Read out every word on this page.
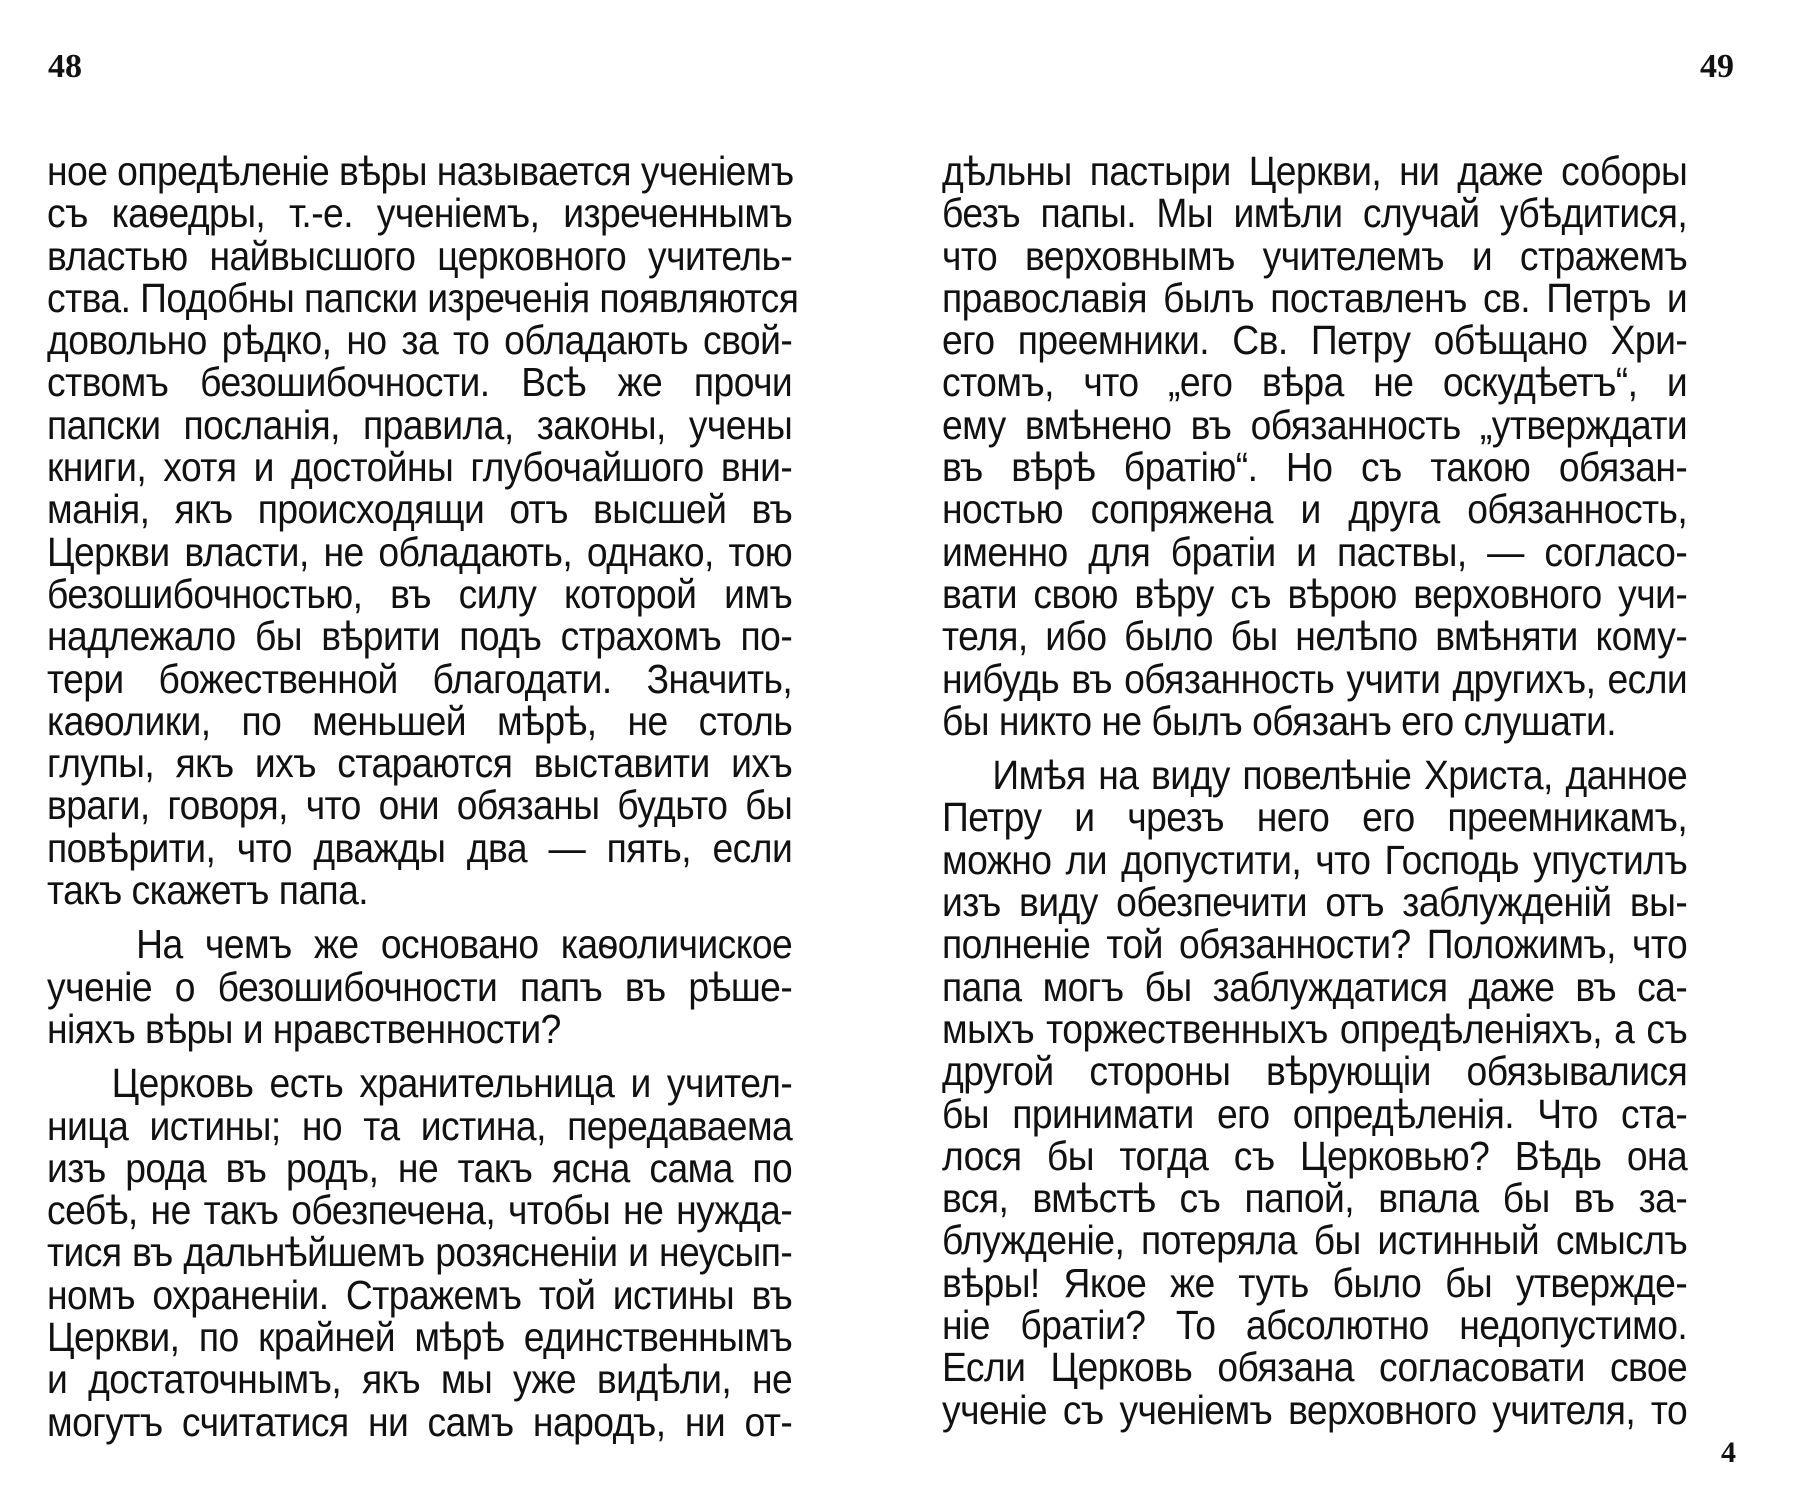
48	49
ное опредѣленіе вѣры называется ученіемъ
съ каѳедры, т.-е. ученіемъ, изреченнымъ
властью найвысшого церковного учитель-
ства. Подобны папски изреченія появляются
довольно рѣдко, но за то обладають свой-
ствомъ безошибочности. Всѣ же прочи
папски посланія, правила, законы, учены
книги, хотя и достойны глубочайшого вни-
манія, якъ происходящи отъ высшей въ
Церкви власти, не обладають, однако, тою
безошибочностью, въ силу которой имъ
надлежало бы вѣрити подъ страхомъ по-
тери божественной благодати. Значить,
каѳолики, по меньшей мѣрѣ, не столь
глупы, якъ ихъ стараются выставити ихъ
враги, говоря, что они обязаны будьто бы
повѣрити, что дважды два — пять, если
такъ скажетъ папа.
На чемъ же основано каѳоличиское
ученіе о безошибочности папъ въ рѣше-
ніяхъ вѣры и нравственности?
Церковь есть хранительница и учител-
ница истины; но та истина, передаваема
изъ рода въ родъ, не такъ ясна сама по
себѣ, не такъ обезпечена, чтобы не нужда-
тися въ дальнѣйшемъ розясненіи и неусып-
номъ охраненіи. Стражемъ той истины въ
Церкви, по крайней мѣрѣ единственнымъ
и достаточнымъ, якъ мы уже видѣли, не
могутъ считатися ни самъ народъ, ни от-
дѣльны пастыри Церкви, ни даже соборы
безъ папы. Мы имѣли случай убѣдитися,
что верховнымъ учителемъ и стражемъ
православія былъ поставленъ св. Петръ и
его преемники. Св. Петру обѣщано Хри-
стомъ, что „его вѣра не оскудѣетъ“, и
ему вмѣнено въ обязанность „утверждати
въ вѣрѣ братію“. Но съ такою обязан-
ностью сопряжена и друга обязанность,
именно для братіи и паствы, — согласо-
вати свою вѣру съ вѣрою верховного учи-
теля, ибо было бы нелѣпо вмѣняти кому-
нибудь въ обязанность учити другихъ, если
бы никто не былъ обязанъ его слушати.
Имѣя на виду повелѣніе Христа, данное
Петру и чрезъ него его преемникамъ,
можно ли допустити, что Господь упустилъ
изъ виду обезпечити отъ заблужденій вы-
полненіе той обязанности? Положимъ, что
папа могъ бы заблуждатися даже въ са-
мыхъ торжественныхъ опредѣленіяхъ, а съ
другой стороны вѣрующіи обязывалися
бы принимати его опредѣленія. Что ста-
лося бы тогда съ Церковью? Вѣдь она
вся, вмѣстѣ съ папой, впала бы въ за-
блужденіе, потеряла бы истинный смыслъ
вѣры! Якое же туть было бы утвержде-
ніе братіи? То абсолютно недопустимо.
Если Церковь обязана согласовати свое
ученіе съ ученіемъ верховного учителя, то
4
